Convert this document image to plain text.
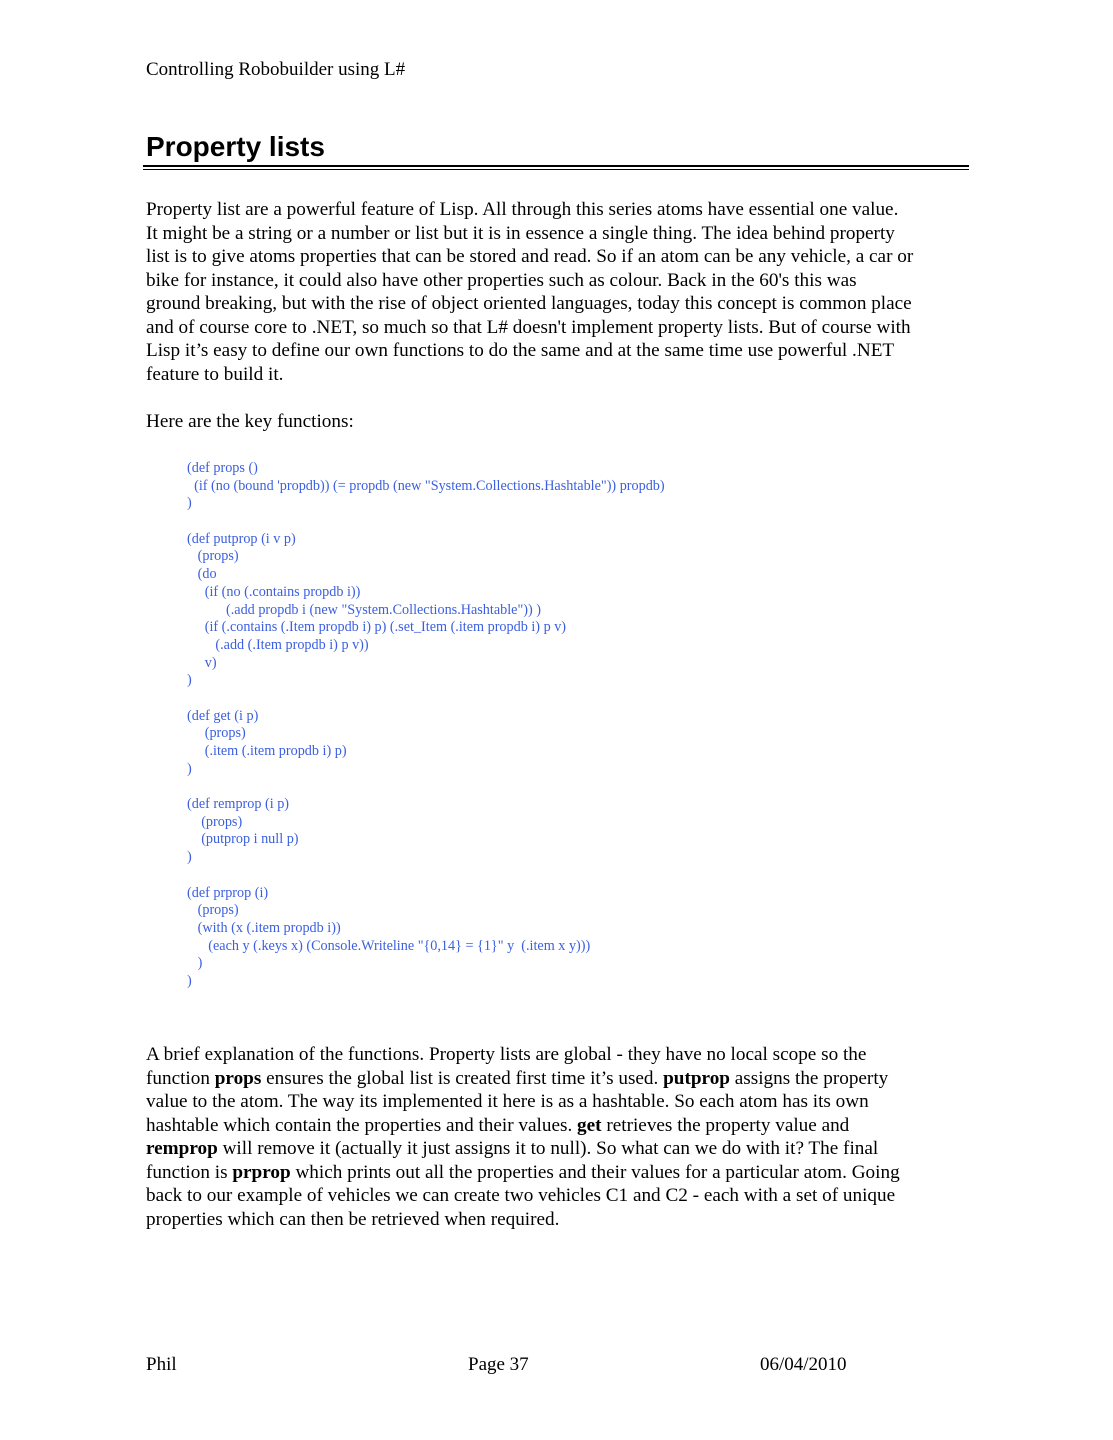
Controlling Robobuilder using L#
Property lists
Property list are a powerful feature of Lisp. All through this series atoms have essential one value.
It might be a string or a number or list but it is in essence a single thing. The idea behind property
list is to give atoms properties that can be stored and read. So if an atom can be any vehicle, a car or
bike for instance, it could also have other properties such as colour. Back in the 60's this was
ground breaking, but with the rise of object oriented languages, today this concept is common place
and of course core to .NET, so much so that L# doesn't implement property lists. But of course with
Lisp it’s easy to define our own functions to do the same and at the same time use powerful .NET
feature to build it.
Here are the key functions:
(def props ()
(if (no (bound 'propdb)) (= propdb (new "System.Collections.Hashtable")) propdb)
)
(def putprop (i v p)
(props)
(do
(if (no (.contains propdb i))
(.add propdb i (new "System.Collections.Hashtable")) )
(if (.contains (.Item propdb i) p) (.set_Item (.item propdb i) p v)
(.add (.Item propdb i) p v))
v)
)
(def get (i p)
(props)
(.item (.item propdb i) p)
)
(def remprop (i p)
(props)
(putprop i null p)
)
(def prprop (i)
(props)
(with (x (.item propdb i))
(each y (.keys x) (Console.Writeline "{0,14} = {1}" y  (.item x y)))
)
)
A brief explanation of the functions. Property lists are global - they have no local scope so the
function props ensures the global list is created first time it’s used. putprop assigns the property
value to the atom. The way its implemented it here is as a hashtable. So each atom has its own
hashtable which contain the properties and their values. get retrieves the property value and
remprop will remove it (actually it just assigns it to null). So what can we do with it? The final
function is prprop which prints out all the properties and their values for a particular atom. Going
back to our example of vehicles we can create two vehicles C1 and C2 - each with a set of unique
properties which can then be retrieved when required.
Phil	Page 37	06/04/2010
